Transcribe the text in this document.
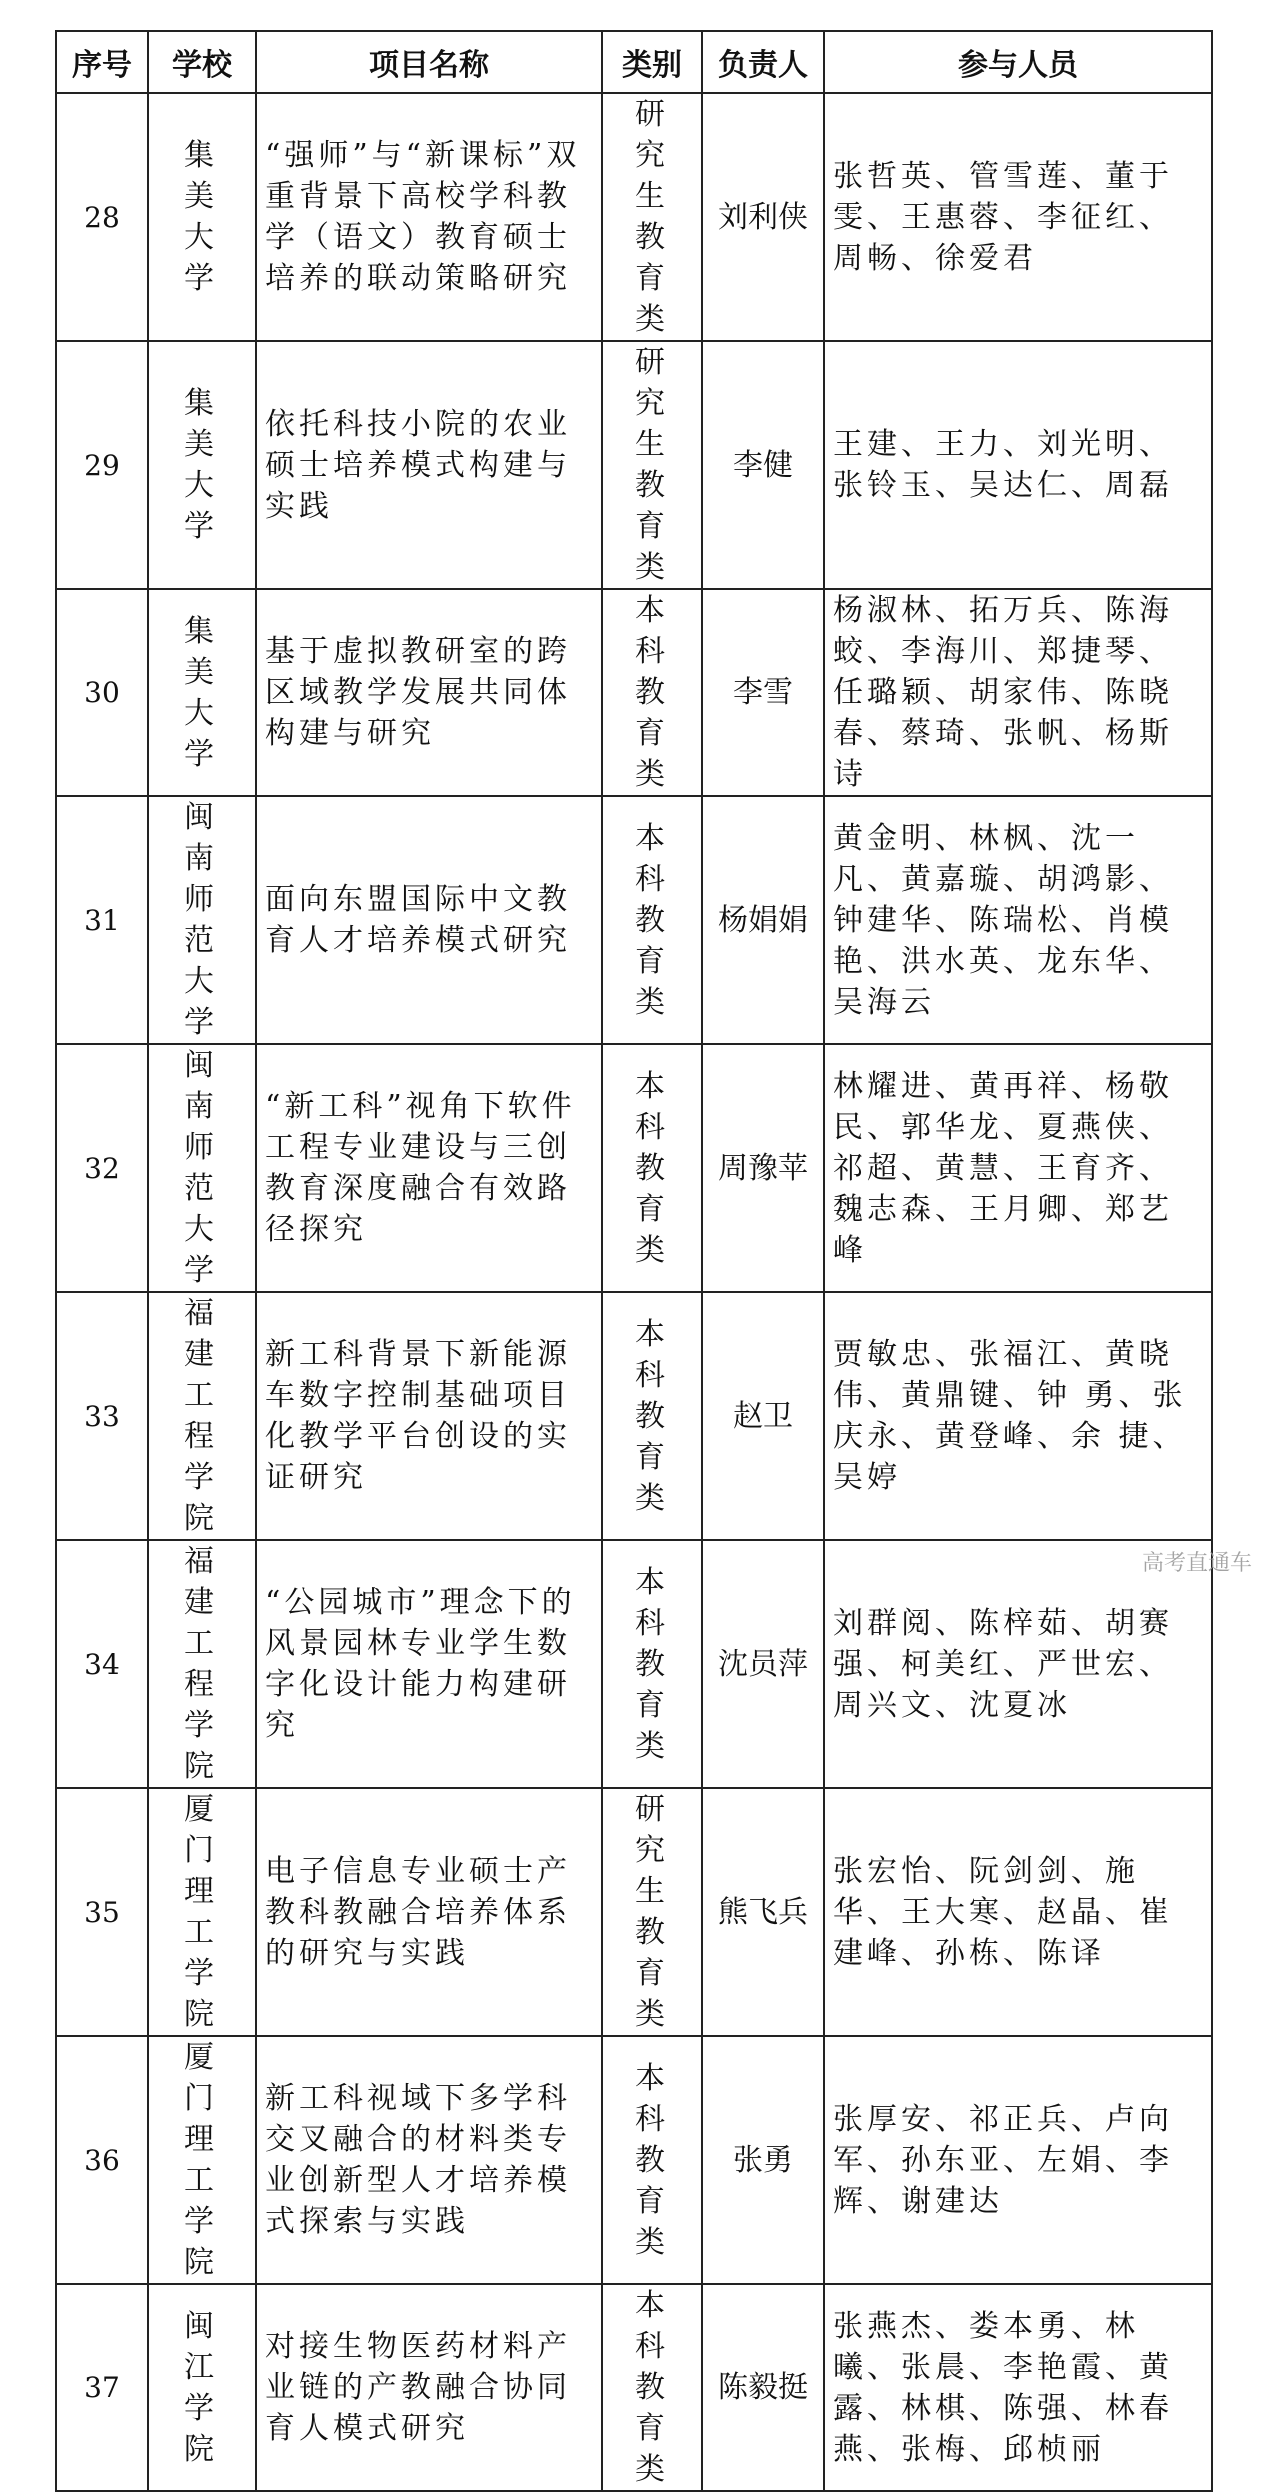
序号	学校	项目名称	类别	负责人	参与人员
28	集美大学	“强师”与“新课标”双重背景下高校学科教学（语文）教育硕士培养的联动策略研究	研究生教育类	刘利侠	张哲英、管雪莲、董于雯、王惠蓉、李征红、周畅、徐爱君
29	集美大学	依托科技小院的农业硕士培养模式构建与实践	研究生教育类	李健	王建、王力、刘光明、张铃玉、吴达仁、周磊
30	集美大学	基于虚拟教研室的跨区域教学发展共同体构建与研究	本科教育类	李雪	杨淑林、拓万兵、陈海蛟、李海川、郑捷琴、任璐颖、胡家伟、陈晓春、蔡琦、张帆、杨斯诗
31	闽南师范大学	面向东盟国际中文教育人才培养模式研究	本科教育类	杨娟娟	黄金明、林枫、沈一凡、黄嘉璇、胡鸿影、钟建华、陈瑞松、肖模艳、洪水英、龙东华、吴海云
32	闽南师范大学	“新工科”视角下软件工程专业建设与三创教育深度融合有效路径探究	本科教育类	周豫苹	林耀进、黄再祥、杨敬民、郭华龙、夏燕侠、祁超、黄慧、王育齐、魏志森、王月卿、郑艺峰
33	福建工程学院	新工科背景下新能源车数字控制基础项目化教学平台创设的实证研究	本科教育类	赵卫	贾敏忠、张福江、黄晓伟、黄鼎键、钟 勇、张庆永、黄登峰、余 捷、吴婷
34	福建工程学院	“公园城市”理念下的风景园林专业学生数字化设计能力构建研究	本科教育类	沈员萍	刘群阅、陈梓茹、胡赛强、柯美红、严世宏、周兴文、沈夏冰
35	厦门理工学院	电子信息专业硕士产教科教融合培养体系的研究与实践	研究生教育类	熊飞兵	张宏怡、阮剑剑、施华、王大寒、赵晶、崔建峰、孙栋、陈译
36	厦门理工学院	新工科视域下多学科交叉融合的材料类专业创新型人才培养模式探索与实践	本科教育类	张勇	张厚安、祁正兵、卢向军、孙东亚、左娟、李辉、谢建达
37	闽江学院	对接生物医药材料产业链的产教融合协同育人模式研究	本科教育类	陈毅挺	张燕杰、娄本勇、林曦、张晨、李艳霞、黄露、林棋、陈强、林春燕、张梅、邱桢丽
高考直通车
